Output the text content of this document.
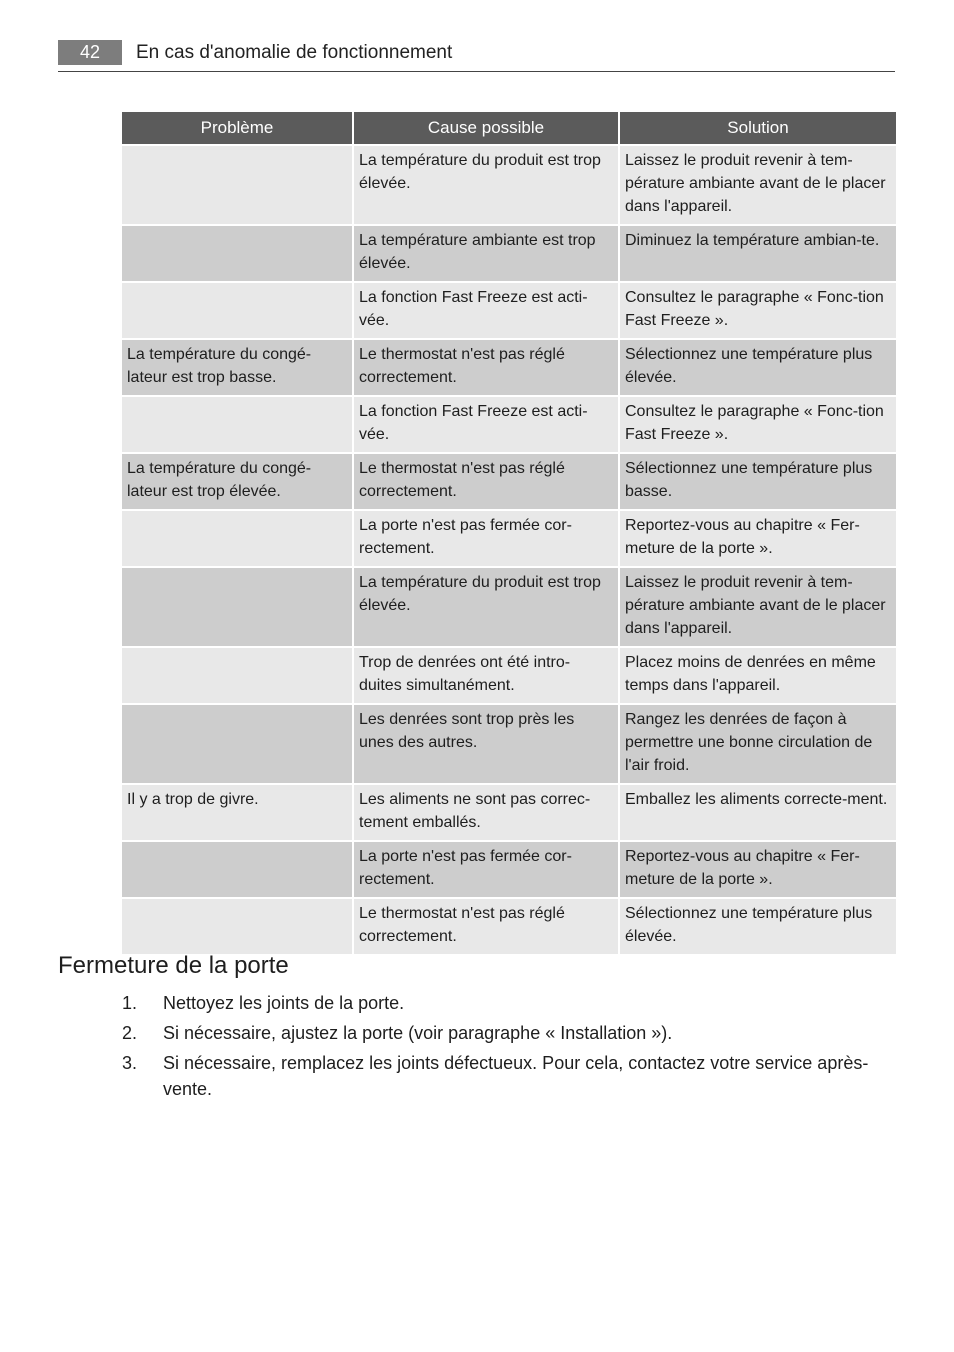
42	En cas d'anomalie de fonctionnement
Problème	Cause possible	Solution
	La température du produit est trop élevée.	Laissez le produit revenir à tem-pérature ambiante avant de le placer dans l'appareil.
	La température ambiante est trop élevée.	Diminuez la température ambian-te.
	La fonction Fast Freeze est acti-vée.	Consultez le paragraphe « Fonc-tion Fast Freeze ».
La température du congé-lateur est trop basse.	Le thermostat n'est pas réglé correctement.	Sélectionnez une température plus élevée.
	La fonction Fast Freeze est acti-vée.	Consultez le paragraphe « Fonc-tion Fast Freeze ».
La température du congé-lateur est trop élevée.	Le thermostat n'est pas réglé correctement.	Sélectionnez une température plus basse.
	La porte n'est pas fermée cor-rectement.	Reportez-vous au chapitre « Fer-meture de la porte ».
	La température du produit est trop élevée.	Laissez le produit revenir à tem-pérature ambiante avant de le placer dans l'appareil.
	Trop de denrées ont été intro-duites simultanément.	Placez moins de denrées en même temps dans l'appareil.
	Les denrées sont trop près les unes des autres.	Rangez les denrées de façon à permettre une bonne circulation de l'air froid.
Il y a trop de givre.	Les aliments ne sont pas correc-tement emballés.	Emballez les aliments correcte-ment.
	La porte n'est pas fermée cor-rectement.	Reportez-vous au chapitre « Fer-meture de la porte ».
	Le thermostat n'est pas réglé correctement.	Sélectionnez une température plus élevée.
Fermeture de la porte
1. Nettoyez les joints de la porte.
2. Si nécessaire, ajustez la porte (voir paragraphe « Installation »).
3. Si nécessaire, remplacez les joints défectueux. Pour cela, contactez votre service après-vente.
